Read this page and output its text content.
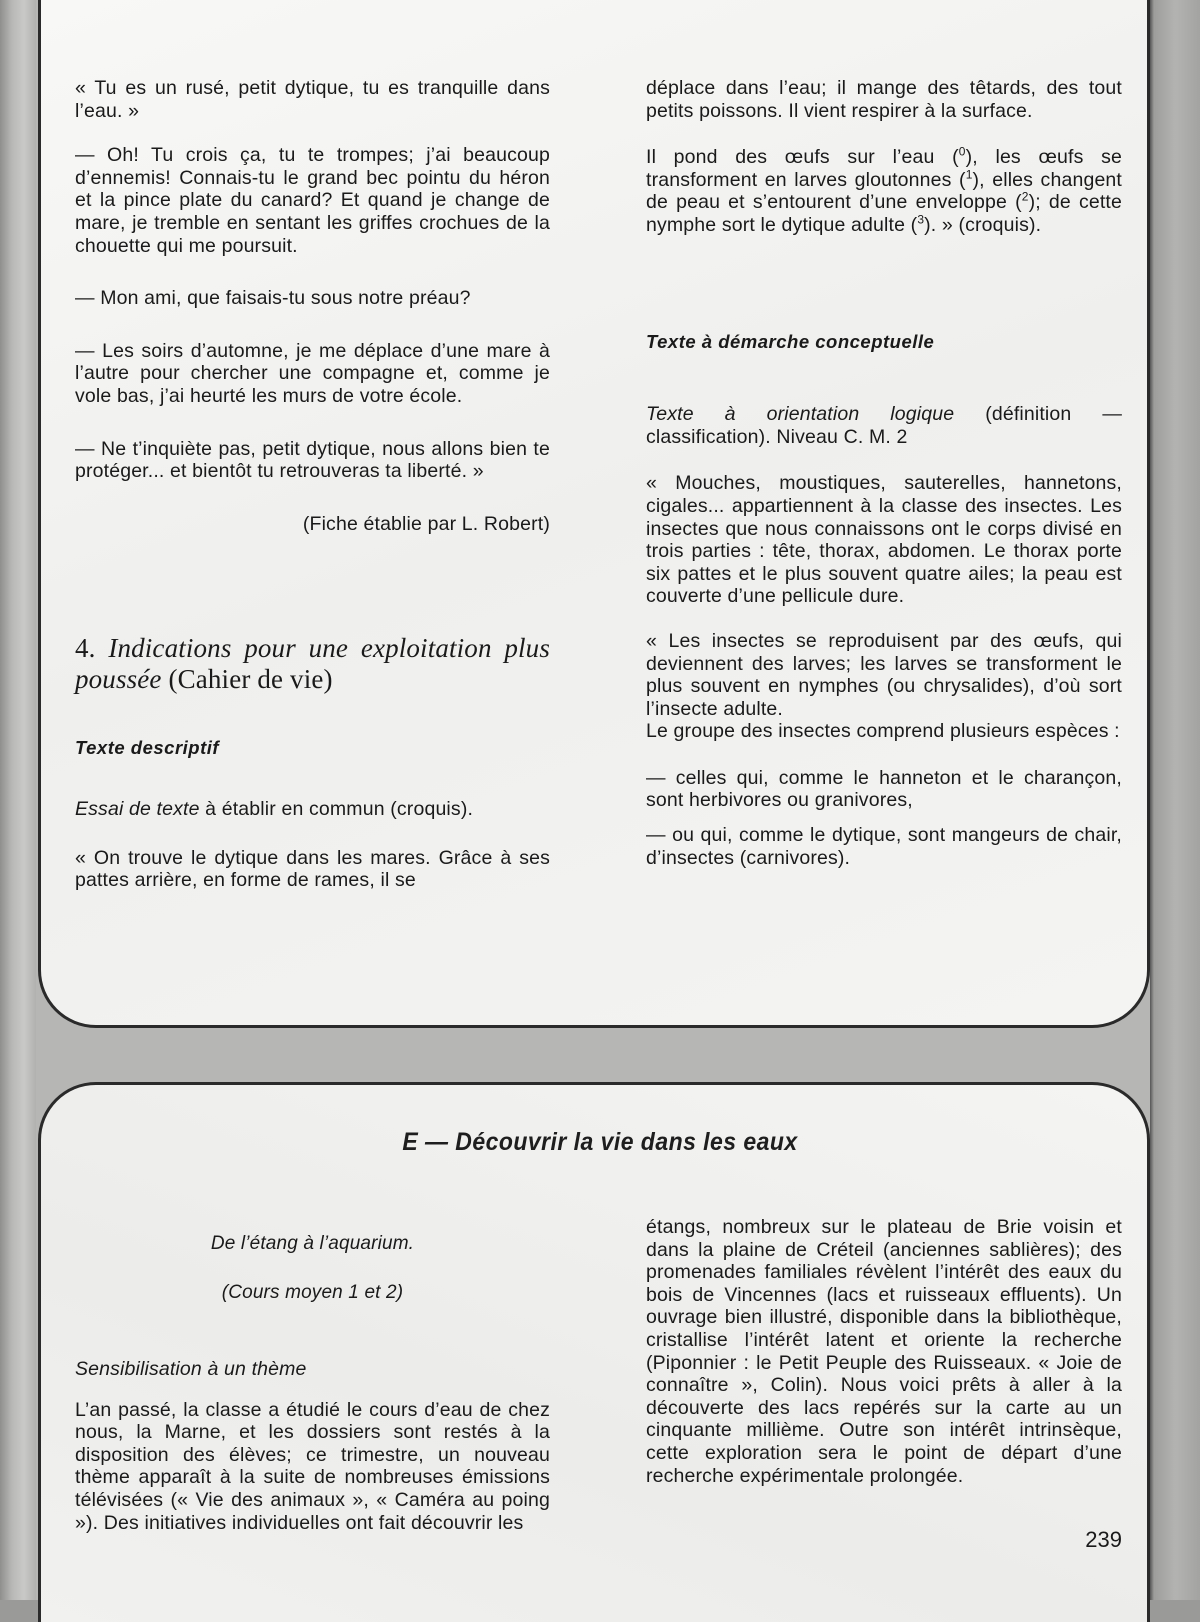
« Tu es un rusé, petit dytique, tu es tranquille dans l’eau. »

— Oh! Tu crois ça, tu te trompes; j’ai beaucoup d’ennemis! Connais-tu le grand bec pointu du héron et la pince plate du canard? Et quand je change de mare, je tremble en sentant les griffes crochues de la chouette qui me poursuit.

— Mon ami, que faisais-tu sous notre préau?

— Les soirs d’automne, je me déplace d’une mare à l’autre pour chercher une compagne et, comme je vole bas, j’ai heurté les murs de votre école.

— Ne t’inquiète pas, petit dytique, nous allons bien te protéger... et bientôt tu retrouveras ta liberté. »

(Fiche établie par L. Robert)

4. Indications pour une exploitation plus poussée (Cahier de vie)

Texte descriptif

Essai de texte à établir en commun (croquis).

« On trouve le dytique dans les mares. Grâce à ses pattes arrière, en forme de rames, il se

déplace dans l’eau; il mange des têtards, des tout petits poissons. Il vient respirer à la surface.

Il pond des œufs sur l’eau ($^0$), les œufs se transforment en larves gloutonnes ($^1$), elles changent de peau et s’entourent d’une enveloppe ($^2$); de cette nymphe sort le dytique adulte ($^3$). » (croquis).

Texte à démarche conceptuelle

Texte à orientation logique (définition — classification). Niveau C. M. 2

« Mouches, moustiques, sauterelles, hannetons, cigales... appartiennent à la classe des insectes. Les insectes que nous connaissons ont le corps divisé en trois parties : tête, thorax, abdomen. Le thorax porte six pattes et le plus souvent quatre ailes; la peau est couverte d’une pellicule dure.

« Les insectes se reproduisent par des œufs, qui deviennent des larves; les larves se transforment le plus souvent en nymphes (ou chrysalides), d’où sort l’insecte adulte.

Le groupe des insectes comprend plusieurs espèces :

— celles qui, comme le hanneton et le charançon, sont herbivores ou granivores,

— ou qui, comme le dytique, sont mangeurs de chair, d’insectes (carnivores).

E — Découvrir la vie dans les eaux

De l’étang à l’aquarium.

(Cours moyen 1 et 2)

Sensibilisation à un thème

L’an passé, la classe a étudié le cours d’eau de chez nous, la Marne, et les dossiers sont restés à la disposition des élèves; ce trimestre, un nouveau thème apparaît à la suite de nombreuses émissions télévisées (« Vie des animaux », « Caméra au poing »). Des initiatives individuelles ont fait découvrir les

étangs, nombreux sur le plateau de Brie voisin et dans la plaine de Créteil (anciennes sablières); des promenades familiales révèlent l’intérêt des eaux du bois de Vincennes (lacs et ruisseaux effluents). Un ouvrage bien illustré, disponible dans la bibliothèque, cristallise l’intérêt latent et oriente la recherche (Piponnier : le Petit Peuple des Ruisseaux. « Joie de connaître », Colin). Nous voici prêts à aller à la découverte des lacs repérés sur la carte au un cinquante millième. Outre son intérêt intrinsèque, cette exploration sera le point de départ d’une recherche expérimentale prolongée.

239
